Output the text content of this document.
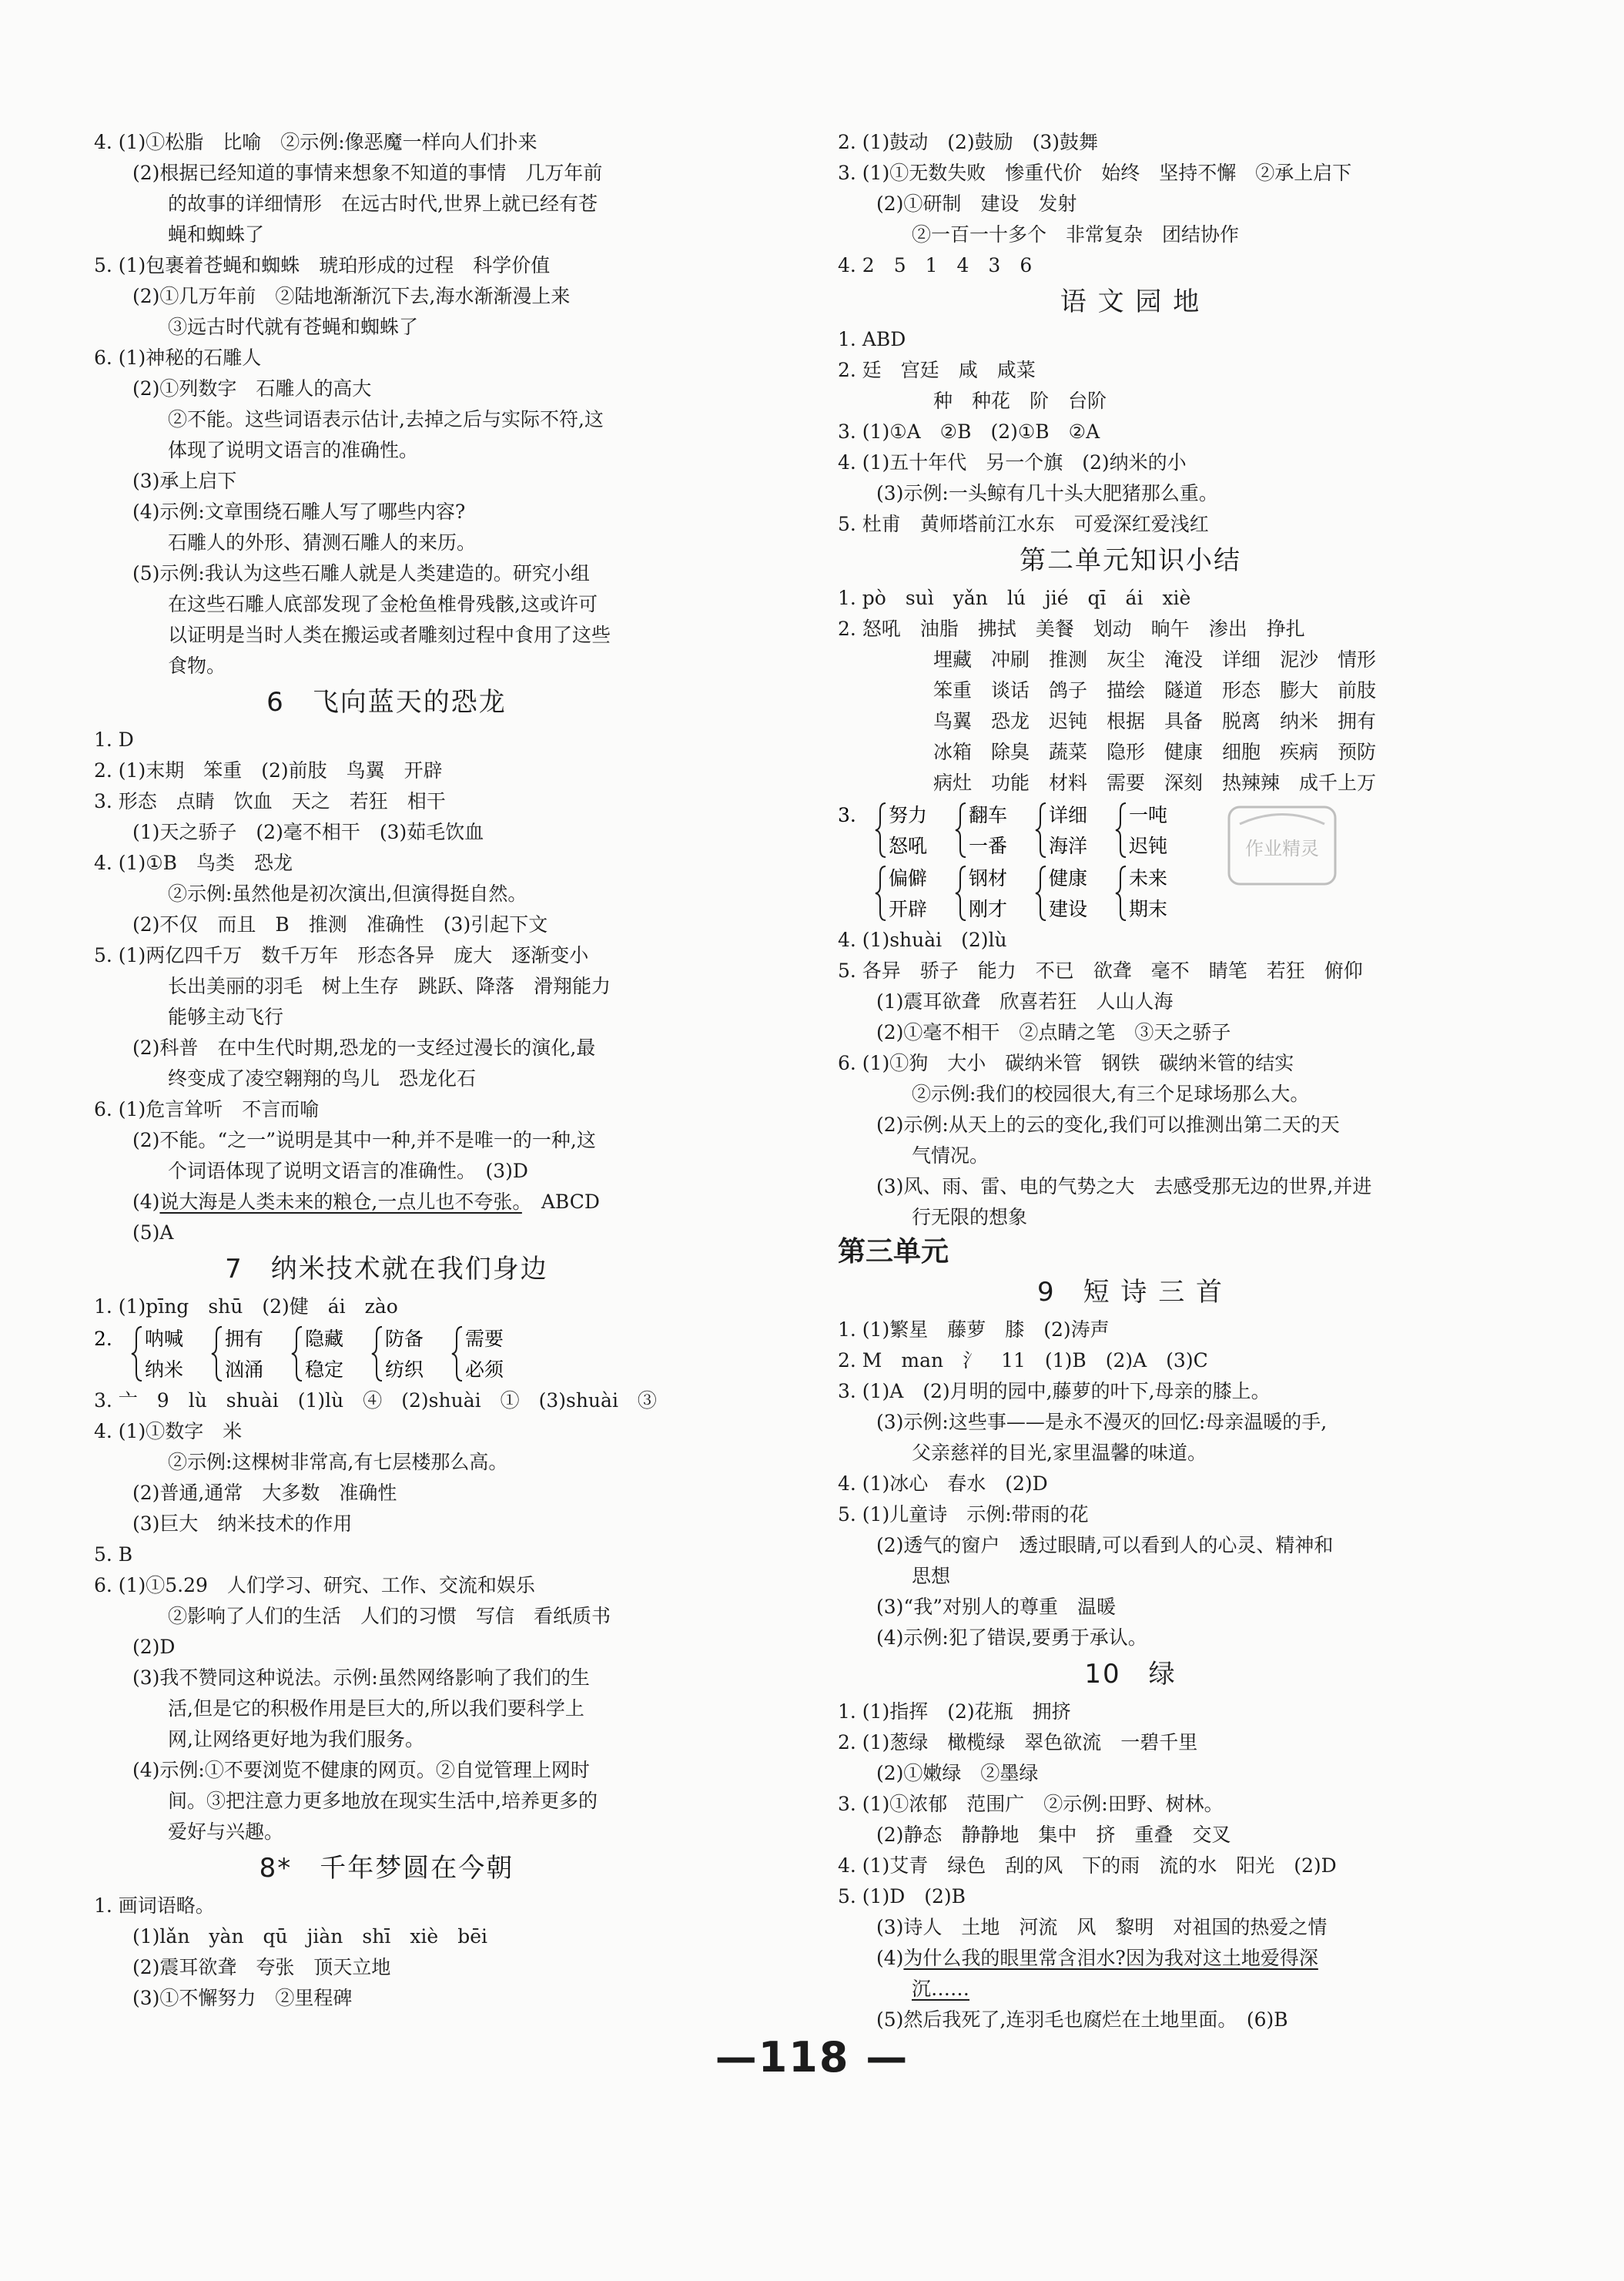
4. (1)①松脂　比喻　②示例:像恶魔一样向人们扑来
(2)根据已经知道的事情来想象不知道的事情　几万年前
的故事的详细情形　在远古时代,世界上就已经有苍
蝇和蜘蛛了
5. (1)包裹着苍蝇和蜘蛛　琥珀形成的过程　科学价值
(2)①几万年前　②陆地渐渐沉下去,海水渐渐漫上来
③远古时代就有苍蝇和蜘蛛了
6. (1)神秘的石雕人
(2)①列数字　石雕人的高大
②不能。这些词语表示估计,去掉之后与实际不符,这
体现了说明文语言的准确性。
(3)承上启下
(4)示例:文章围绕石雕人写了哪些内容?
石雕人的外形、猜测石雕人的来历。
(5)示例:我认为这些石雕人就是人类建造的。研究小组
在这些石雕人底部发现了金枪鱼椎骨残骸,这或许可
以证明是当时人类在搬运或者雕刻过程中食用了这些
食物。
6　飞向蓝天的恐龙
1. D
2. (1)末期　笨重　(2)前肢　鸟翼　开辟
3. 形态　点睛　饮血　天之　若狂　相干
(1)天之骄子　(2)毫不相干　(3)茹毛饮血
4. (1)①B　鸟类　恐龙
②示例:虽然他是初次演出,但演得挺自然。
(2)不仅　而且　B　推测　准确性　(3)引起下文
5. (1)两亿四千万　数千万年　形态各异　庞大　逐渐变小
长出美丽的羽毛　树上生存　跳跃、降落　滑翔能力
能够主动飞行
(2)科普　在中生代时期,恐龙的一支经过漫长的演化,最
终变成了凌空翱翔的鸟儿　恐龙化石
6. (1)危言耸听　不言而喻
(2)不能。“之一”说明是其中一种,并不是唯一的一种,这
个词语体现了说明文语言的准确性。　(3)D
(4)说大海是人类未来的粮仓,一点儿也不夸张。　ABCD
(5)A
7　纳米技术就在我们身边
1. (1)pīng　shū　(2)健　ái　zào
2. 呐喊
纳米
拥有
汹涌
隐藏
稳定
防备
纺织
需要
必须
3. 亠　9　lù　shuài　(1)lù　④　(2)shuài　①　(3)shuài　③
4. (1)①数字　米
②示例:这棵树非常高,有七层楼那么高。
(2)普通,通常　大多数　准确性
(3)巨大　纳米技术的作用
5. B
6. (1)①5.29　人们学习、研究、工作、交流和娱乐
②影响了人们的生活　人们的习惯　写信　看纸质书
(2)D
(3)我不赞同这种说法。示例:虽然网络影响了我们的生
活,但是它的积极作用是巨大的,所以我们要科学上
网,让网络更好地为我们服务。
(4)示例:①不要浏览不健康的网页。②自觉管理上网时
间。③把注意力更多地放在现实生活中,培养更多的
爱好与兴趣。
8*　千年梦圆在今朝
1. 画词语略。
(1)lǎn　yàn　qū　jiàn　shī　xiè　bēi
(2)震耳欲聋　夸张　顶天立地
(3)①不懈努力　②里程碑
2. (1)鼓动　(2)鼓励　(3)鼓舞
3. (1)①无数失败　惨重代价　始终　坚持不懈　②承上启下
(2)①研制　建设　发射
②一百一十多个　非常复杂　团结协作
4. 2　5　1　4　3　6
语 文 园 地
1. ABD
2. 廷　宫廷　咸　咸菜
种　种花　阶　台阶
3. (1)①A　②B　(2)①B　②A
4. (1)五十年代　另一个旗　(2)纳米的小
(3)示例:一头鲸有几十头大肥猪那么重。
5. 杜甫　黄师塔前江水东　可爱深红爱浅红
第二单元知识小结
1. pò　suì　yǎn　lú　jié　qī　ái　xiè
2. 怒吼　油脂　拂拭　美餐　划动　晌午　渗出　挣扎
埋藏　冲刷　推测　灰尘　淹没　详细　泥沙　情形
笨重　谈话　鸽子　描绘　隧道　形态　膨大　前肢
鸟翼　恐龙　迟钝　根据　具备　脱离　纳米　拥有
冰箱　除臭　蔬菜　隐形　健康　细胞　疾病　预防
病灶　功能　材料　需要　深刻　热辣辣　成千上万
3. 努力
怒吼
翻车
一番
详细
海洋
一吨
迟钝
偏僻
开辟
钢材
刚才
健康
建设
未来
期末
4. (1)shuài　(2)lù
5. 各异　骄子　能力　不已　欲聋　毫不　睛笔　若狂　俯仰
(1)震耳欲聋　欣喜若狂　人山人海
(2)①毫不相干　②点睛之笔　③天之骄子
6. (1)①狗　大小　碳纳米管　钢铁　碳纳米管的结实
②示例:我们的校园很大,有三个足球场那么大。
(2)示例:从天上的云的变化,我们可以推测出第二天的天
气情况。
(3)风、雨、雷、电的气势之大　去感受那无边的世界,并进
行无限的想象
第三单元
9　短 诗 三 首
1. (1)繁星　藤萝　膝　(2)涛声
2. M　man　氵　11　(1)B　(2)A　(3)C
3. (1)A　(2)月明的园中,藤萝的叶下,母亲的膝上。
(3)示例:这些事——是永不漫灭的回忆:母亲温暖的手,
父亲慈祥的目光,家里温馨的味道。
4. (1)冰心　春水　(2)D
5. (1)儿童诗　示例:带雨的花
(2)透气的窗户　透过眼睛,可以看到人的心灵、精神和
思想
(3)“我”对别人的尊重　温暖
(4)示例:犯了错误,要勇于承认。
10　绿
1. (1)指挥　(2)花瓶　拥挤
2. (1)葱绿　橄榄绿　翠色欲流　一碧千里
(2)①嫩绿　②墨绿
3. (1)①浓郁　范围广　②示例:田野、树林。
(2)静态　静静地　集中　挤　重叠　交叉
4. (1)艾青　绿色　刮的风　下的雨　流的水　阳光　(2)D
5. (1)D　(2)B
(3)诗人　土地　河流　风　黎明　对祖国的热爱之情
(4)为什么我的眼里常含泪水?因为我对这土地爱得深
沉……
(5)然后我死了,连羽毛也腐烂在土地里面。　(6)B
作业精灵
—118 —
